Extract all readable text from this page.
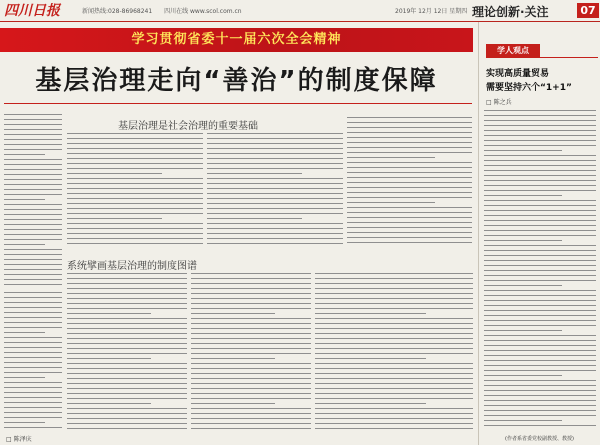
四川日报	新闻热线:028-86968241 四川在线 www.scol.com.cn	2019年 12月 12日 星期四 理论创新·关注	07
学习贯彻省委十一届六次全会精神
基层治理走向“善治”的制度保障
基层治理是社会治理的重要基础
系统擘画基层治理的制度图谱
□ 陈泽庆
学人观点
实现高质量贸易
需要坚持六个“1+1”
□ 陈之兵
(作者系省委党校副教授、教授)
